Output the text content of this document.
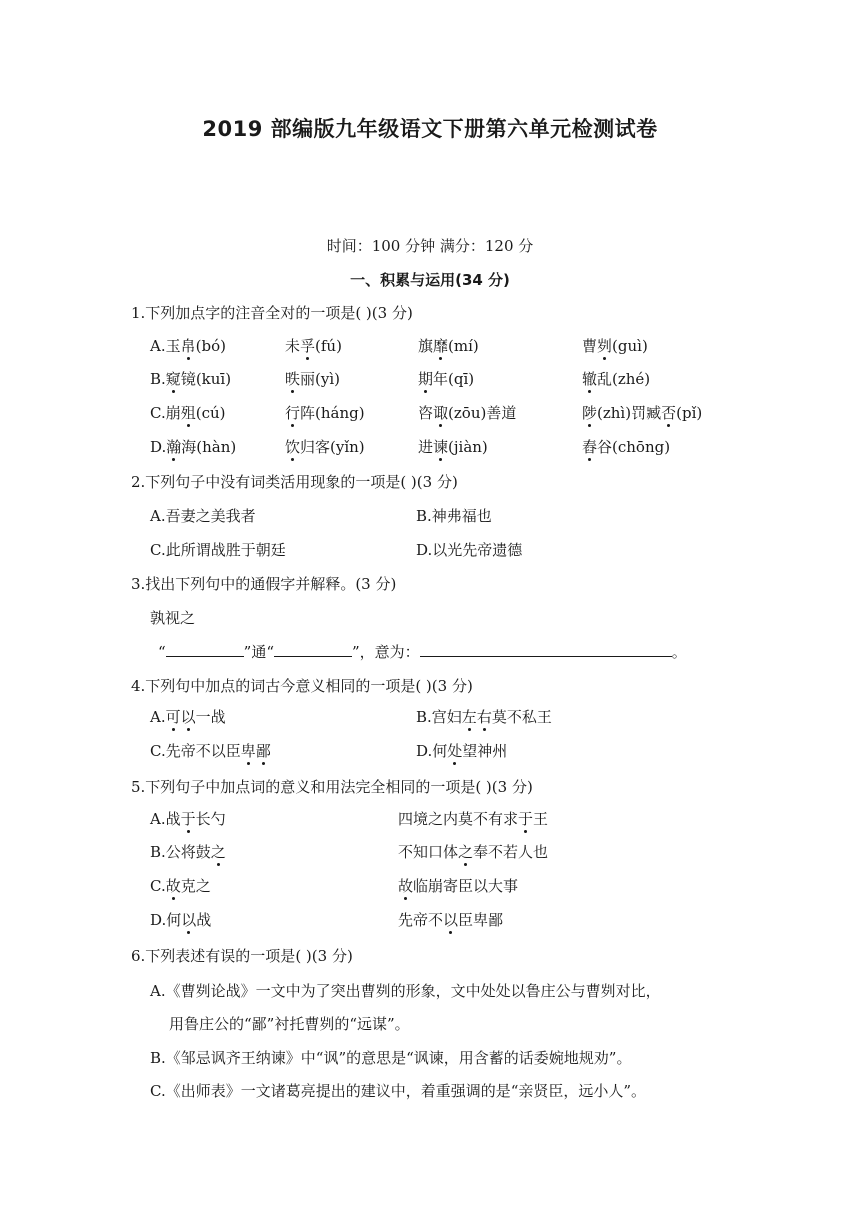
2019 部编版九年级语文下册第六单元检测试卷
时间：100 分钟 满分：120 分
一、积累与运用(34 分)
1.下列加点字的注音全对的一项是( )(3 分)
A.玉帛(bó)	未孚(fú)	旗靡(mí)	曹刿(guì)
B.窥镜(kuī)	昳丽(yì)	期年(qī)	辙乱(zhé)
C.崩殂(cú)	行阵(háng)	咨诹(zōu)善道	陟(zhì)罚臧否(pǐ)
D.瀚海(hàn)	饮归客(yǐn)	进谏(jiàn)	舂谷(chōng)
2.下列句子中没有词类活用现象的一项是( )(3 分)
A.吾妻之美我者	B.神弗福也
C.此所谓战胜于朝廷	D.以光先帝遗德
3.找出下列句中的通假字并解释。(3 分)
孰视之
“	”通“	”，意为：	。
4.下列句中加点的词古今意义相同的一项是( )(3 分)
A.可以一战	B.宫妇左右莫不私王
C.先帝不以臣卑鄙	D.何处望神州
5.下列句子中加点词的意义和用法完全相同的一项是( )(3 分)
A.战于长勺	四境之内莫不有求于王
B.公将鼓之	不知口体之奉不若人也
C.故克之	故临崩寄臣以大事
D.何以战	先帝不以臣卑鄙
6.下列表述有误的一项是( )(3 分)
A.《曹刿论战》一文中为了突出曹刿的形象，文中处处以鲁庄公与曹刿对比，
用鲁庄公的“鄙”衬托曹刿的“远谋”。
B.《邹忌讽齐王纳谏》中“讽”的意思是“讽谏，用含蓄的话委婉地规劝”。
C.《出师表》一文诸葛亮提出的建议中，着重强调的是“亲贤臣，远小人”。
